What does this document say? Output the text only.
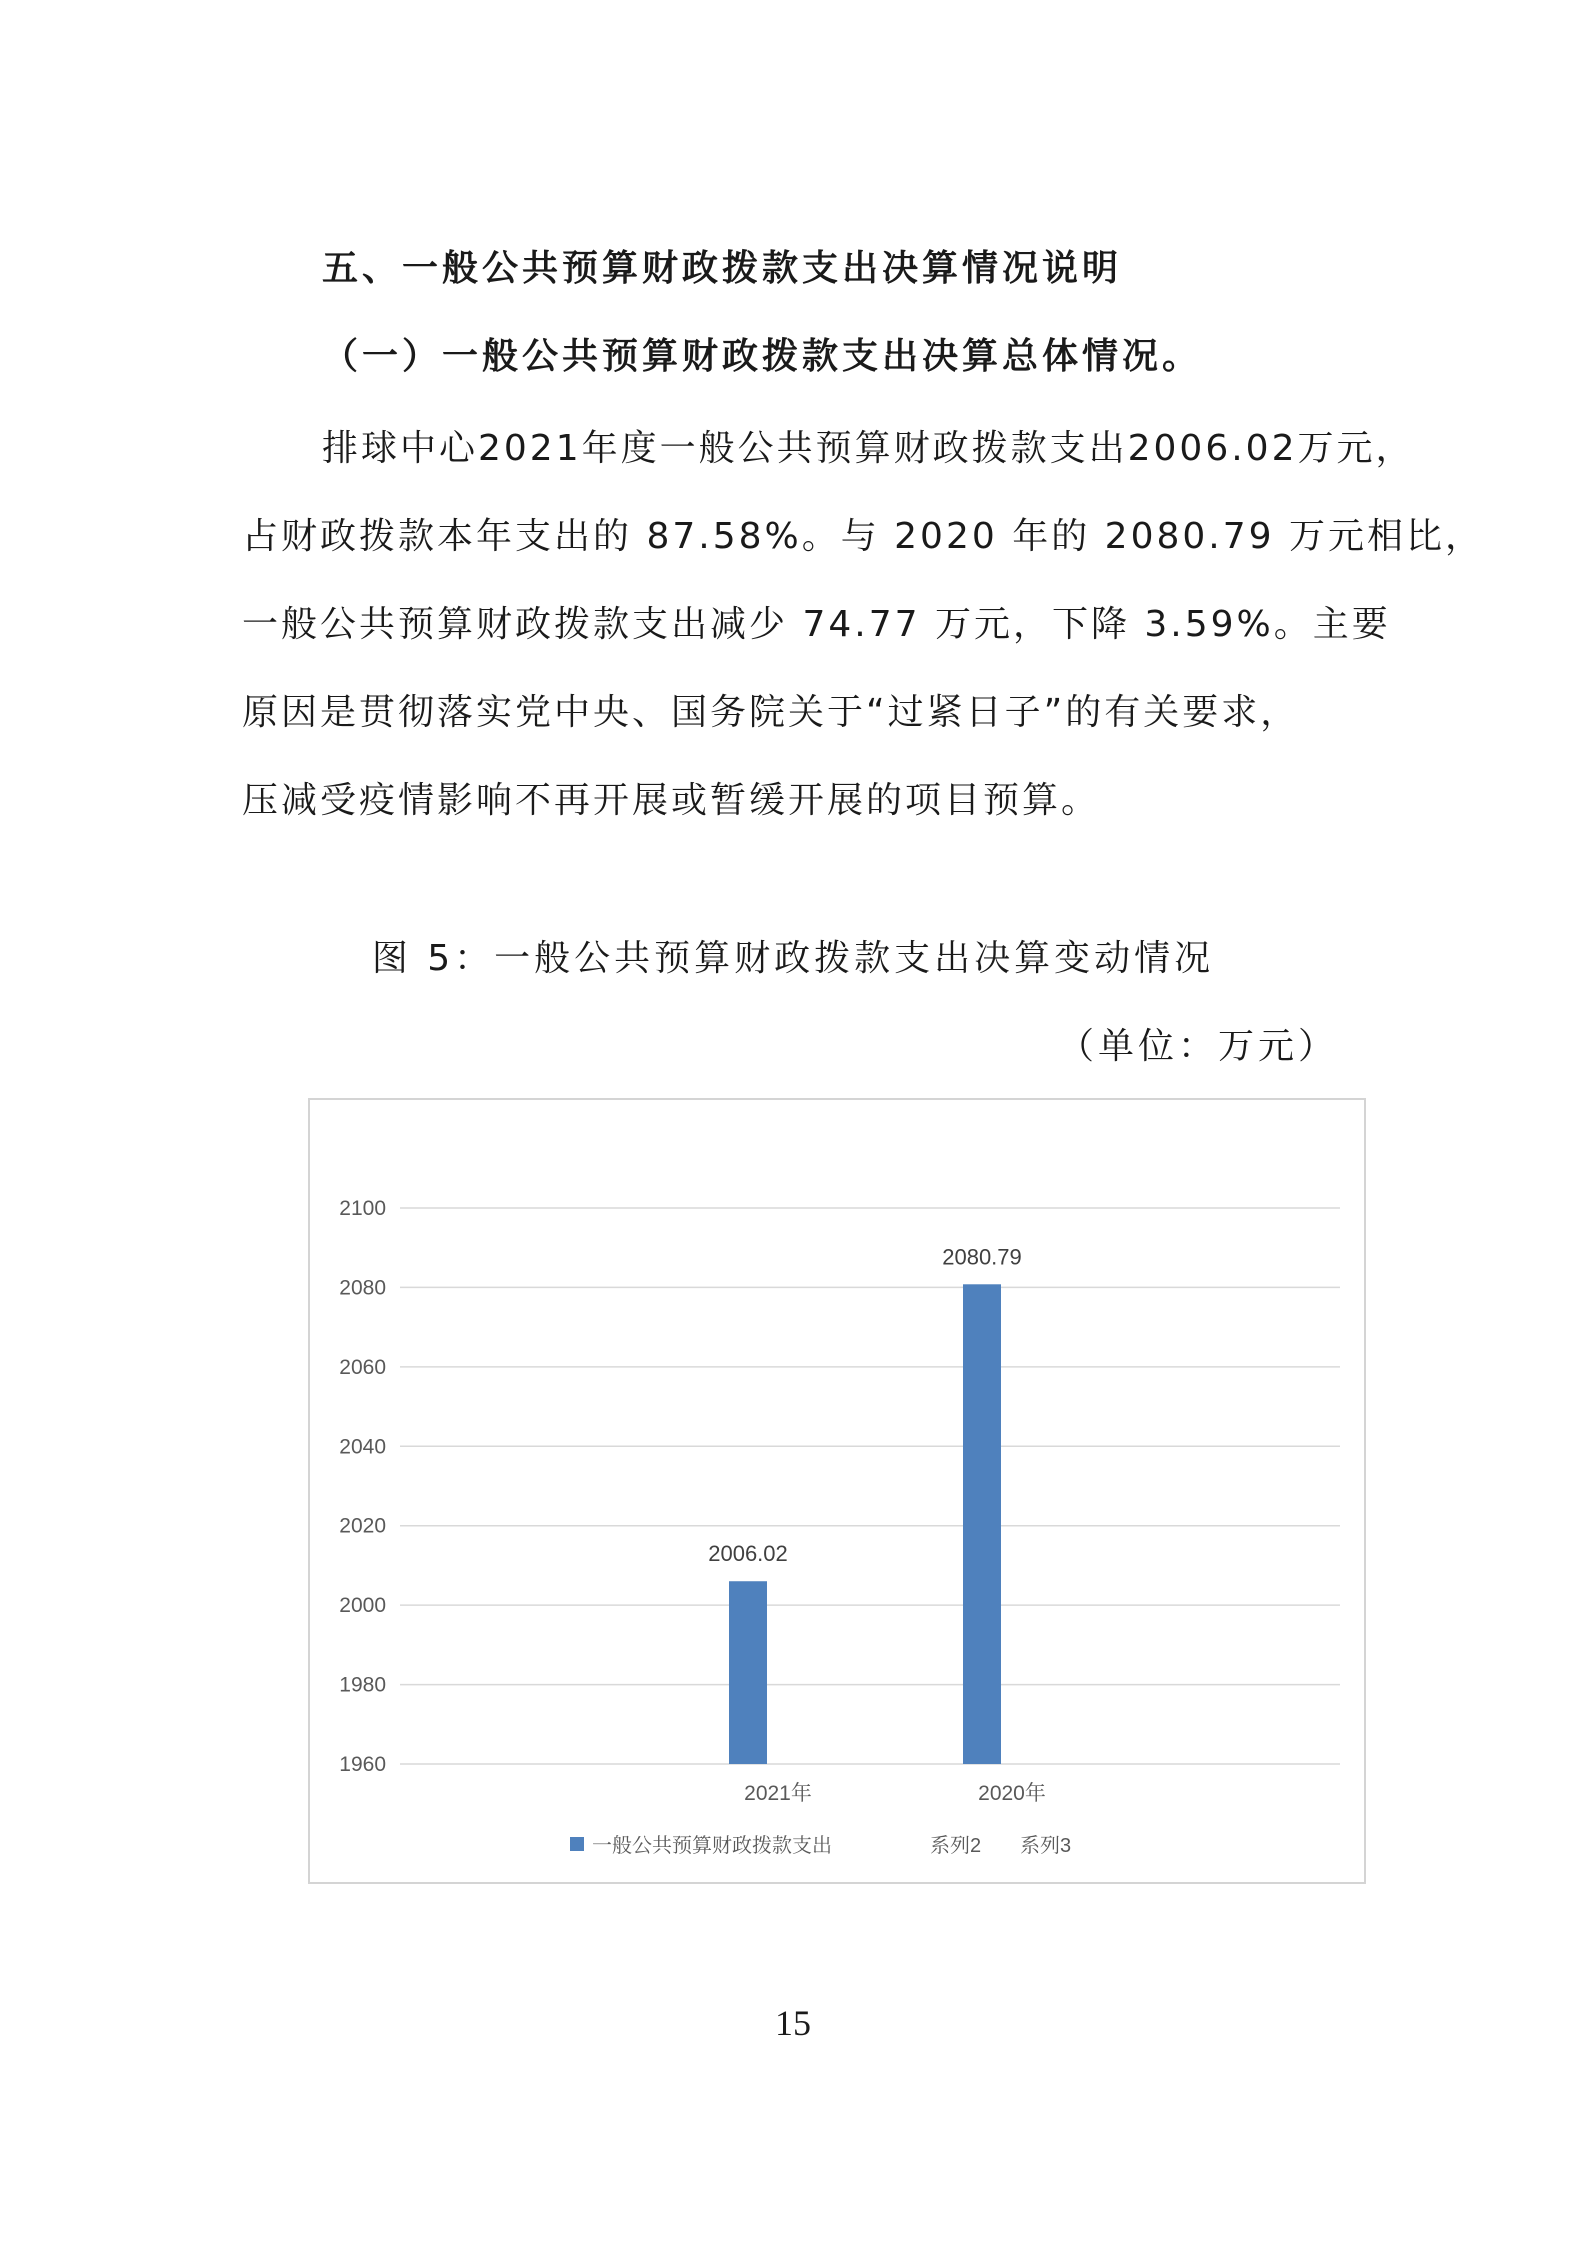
五、一般公共预算财政拨款支出决算情况说明
（一）一般公共预算财政拨款支出决算总体情况。
排球中心2021年度一般公共预算财政拨款支出2006.02万元，
占财政拨款本年支出的 87.58%。与 2020 年的 2080.79 万元相比，
一般公共预算财政拨款支出减少 74.77 万元，下降 3.59%。主要
原因是贯彻落实党中央、国务院关于“过紧日子”的有关要求，
压减受疫情影响不再开展或暂缓开展的项目预算。
图 5：一般公共预算财政拨款支出决算变动情况
（单位：万元）
1960
1980
2000
2020
2040
2060
2080
2100
2006.02
2021年
2080.79
2020年
一般公共预算财政拨款支出	系列2 系列3
15
